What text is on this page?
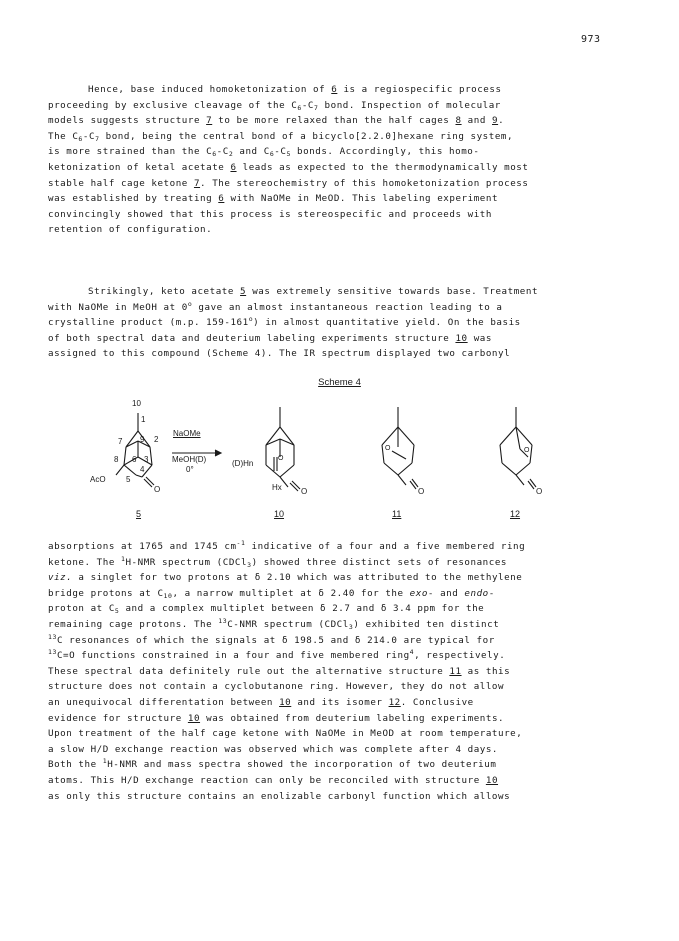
973
Hence, base induced homoketonization of 6 is a regiospecific process
proceeding by exclusive cleavage of the $C_6-C_7$ bond. Inspection of molecular
models suggests structure 7 to be more relaxed than the half cages 8 and 9.
The $C_6-C_7$ bond, being the central bond of a bicyclo[2.2.0]hexane ring system,
is more strained than the $C_6-C_2$ and $C_6-C_5$ bonds. Accordingly, this homo-
ketonization of ketal acetate 6 leads as expected to the thermodynamically most
stable half cage ketone 7. The stereochemistry of this homoketonization process
was established by treating 6 with NaOMe in MeOD. This labeling experiment
convincingly showed that this process is stereospecific and proceeds with
retention of configuration.
Strikingly, keto acetate 5 was extremely sensitive towards base. Treatment
with NaOMe in MeOH at 0$^o$ gave an almost instantaneous reaction leading to a
crystalline product (m.p. 159-161$^o$) in almost quantitative yield. On the basis
of both spectral data and deuterium labeling experiments structure 10 was
assigned to this compound (Scheme 4). The IR spectrum displayed two carbonyl
Scheme 4
10
1
7 9 2
8 6 3
4
5
AcO
O
NaOMe
MeOH(D)
0°
(D)Hn
Hx O
O
O
O
O
O
5	10	11	12
absorptions at 1765 and 1745 $cm^{-1}$ indicative of a four and a five membered ring
ketone. The $^1$H-NMR spectrum (CDCl$_3$) showed three distinct sets of resonances
viz. a singlet for two protons at δ 2.10 which was attributed to the methylene
bridge protons at $C_{10}$, a narrow multiplet at δ 2.40 for the exo- and endo-
proton at $C_5$ and a complex multiplet between δ 2.7 and δ 3.4 ppm for the
remaining cage protons. The $^{13}$C-NMR spectrum (CDCl$_3$) exhibited ten distinct
$^{13}$C resonances of which the signals at δ 198.5 and δ 214.0 are typical for
$^{13}$C=O functions constrained in a four and five membered ring$^4$, respectively.
These spectral data definitely rule out the alternative structure 11 as this
structure does not contain a cyclobutanone ring. However, they do not allow
an unequivocal differentation between 10 and its isomer 12. Conclusive
evidence for structure 10 was obtained from deuterium labeling experiments.
Upon treatment of the half cage ketone with NaOMe in MeOD at room temperature,
a slow H/D exchange reaction was observed which was complete after 4 days.
Both the $^1$H-NMR and mass spectra showed the incorporation of two deuterium
atoms. This H/D exchange reaction can only be reconciled with structure 10
as only this structure contains an enolizable carbonyl function which allows
